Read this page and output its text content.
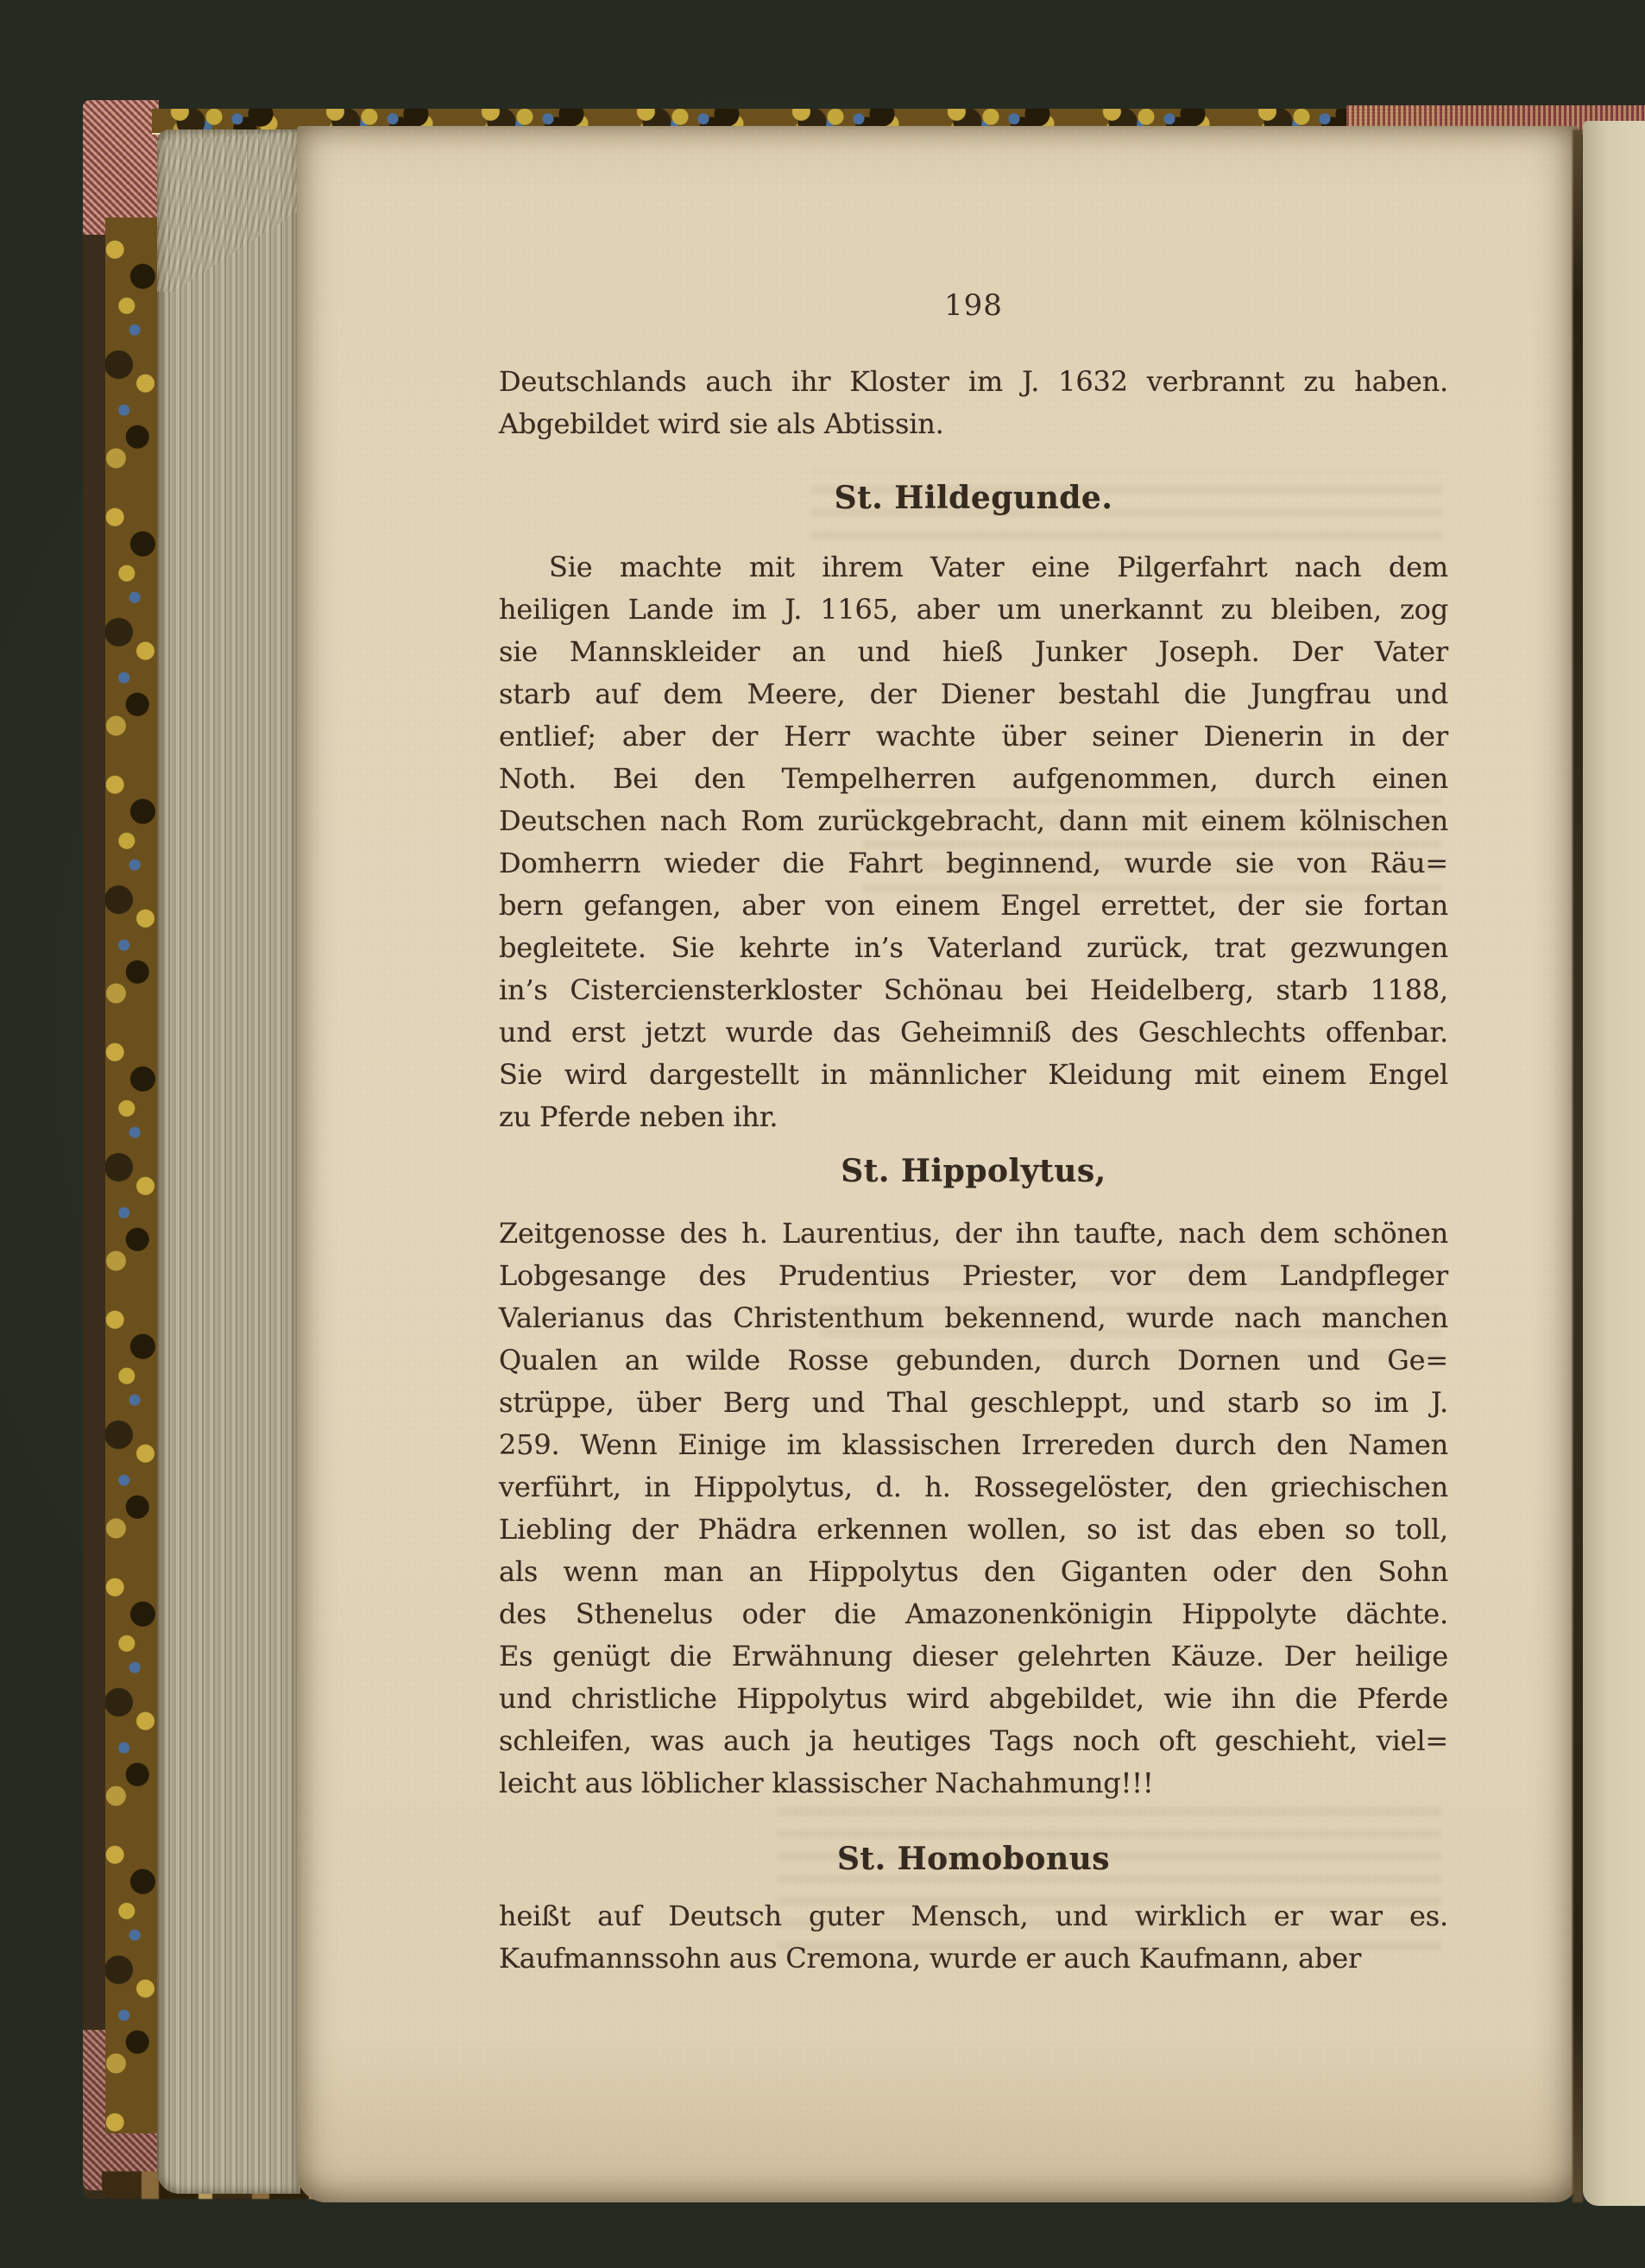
198
Deutschlands auch ihr Kloster im J. 1632 verbrannt zu haben.
Abgebildet wird sie als Abtissin.
St. Hildegunde.
Sie machte mit ihrem Vater eine Pilgerfahrt nach dem
heiligen Lande im J. 1165, aber um unerkannt zu bleiben, zog
sie Mannskleider an und hieß Junker Joseph. Der Vater
starb auf dem Meere, der Diener bestahl die Jungfrau und
entlief; aber der Herr wachte über seiner Dienerin in der
Noth. Bei den Tempelherren aufgenommen, durch einen
Deutschen nach Rom zurückgebracht, dann mit einem kölnischen
Domherrn wieder die Fahrt beginnend, wurde sie von Räu=
bern gefangen, aber von einem Engel errettet, der sie fortan
begleitete. Sie kehrte in’s Vaterland zurück, trat gezwungen
in’s Cisterciensterkloster Schönau bei Heidelberg, starb 1188,
und erst jetzt wurde das Geheimniß des Geschlechts offenbar.
Sie wird dargestellt in männlicher Kleidung mit einem Engel
zu Pferde neben ihr.
St. Hippolytus,
Zeitgenosse des h. Laurentius, der ihn taufte, nach dem schönen
Lobgesange des Prudentius Priester, vor dem Landpfleger
Valerianus das Christenthum bekennend, wurde nach manchen
Qualen an wilde Rosse gebunden, durch Dornen und Ge=
strüppe, über Berg und Thal geschleppt, und starb so im J.
259. Wenn Einige im klassischen Irrereden durch den Namen
verführt, in Hippolytus, d. h. Rossegelöster, den griechischen
Liebling der Phädra erkennen wollen, so ist das eben so toll,
als wenn man an Hippolytus den Giganten oder den Sohn
des Sthenelus oder die Amazonenkönigin Hippolyte dächte.
Es genügt die Erwähnung dieser gelehrten Käuze. Der heilige
und christliche Hippolytus wird abgebildet, wie ihn die Pferde
schleifen, was auch ja heutiges Tags noch oft geschieht, viel=
leicht aus löblicher klassischer Nachahmung!!!
St. Homobonus
heißt auf Deutsch guter Mensch, und wirklich er war es.
Kaufmannssohn aus Cremona, wurde er auch Kaufmann, aber
